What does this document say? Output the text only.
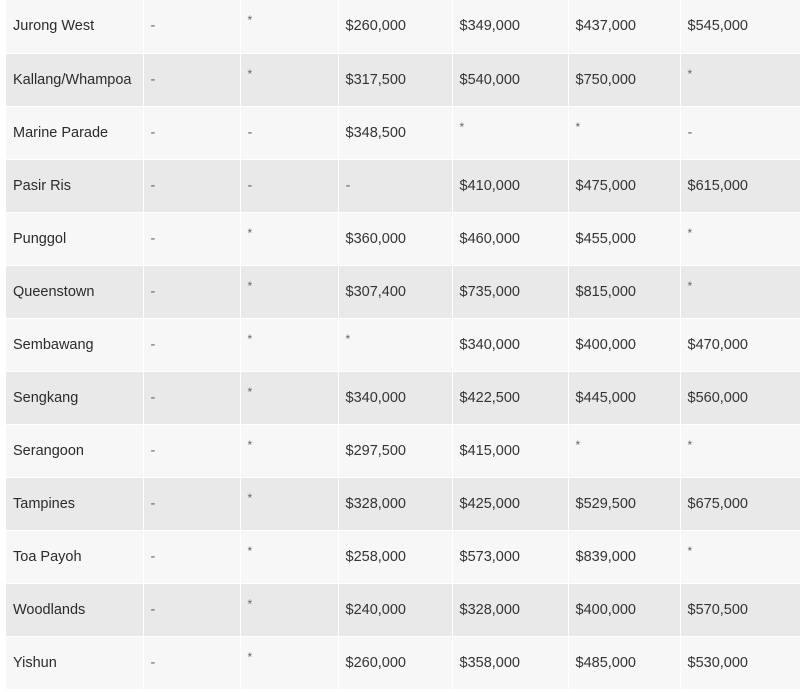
Jurong West	-	*	$260,000	$349,000	$437,000	$545,000
Kallang/Whampoa	-	*	$317,500	$540,000	$750,000	*
Marine Parade	-	-	$348,500	*	*	-
Pasir Ris	-	-	-	$410,000	$475,000	$615,000
Punggol	-	*	$360,000	$460,000	$455,000	*
Queenstown	-	*	$307,400	$735,000	$815,000	*
Sembawang	-	*	*	$340,000	$400,000	$470,000
Sengkang	-	*	$340,000	$422,500	$445,000	$560,000
Serangoon	-	*	$297,500	$415,000	*	*
Tampines	-	*	$328,000	$425,000	$529,500	$675,000
Toa Payoh	-	*	$258,000	$573,000	$839,000	*
Woodlands	-	*	$240,000	$328,000	$400,000	$570,500
Yishun	-	*	$260,000	$358,000	$485,000	$530,000
